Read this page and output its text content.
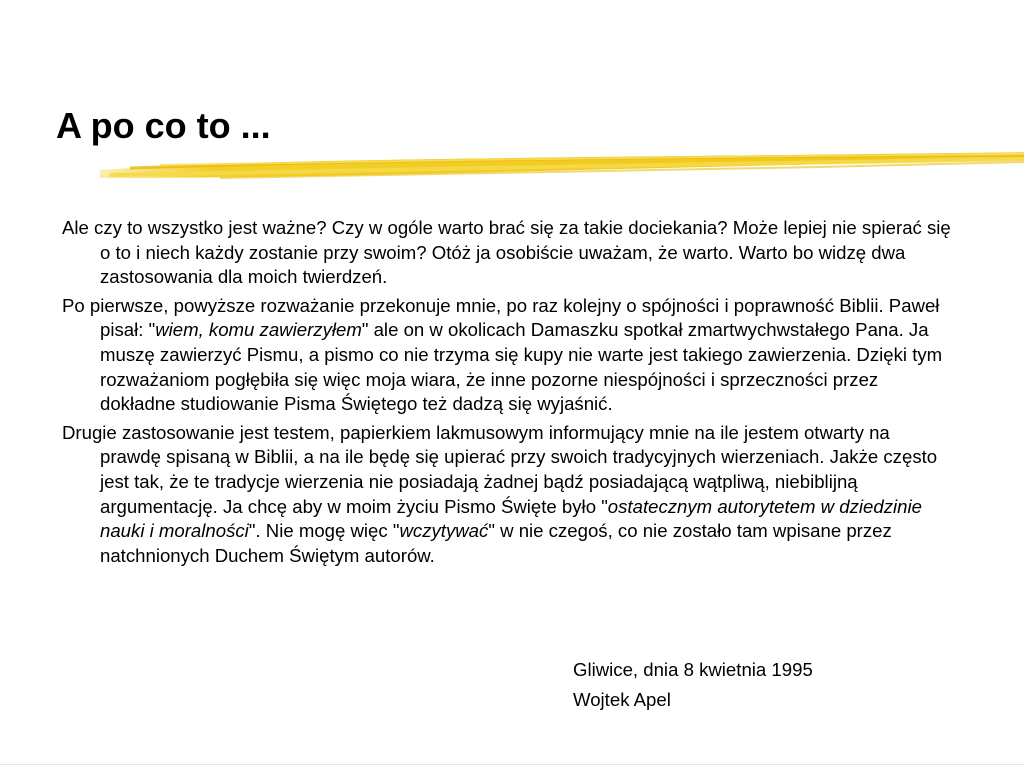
A po co to ...

Ale czy to wszystko jest ważne? Czy w ogóle warto brać się za takie dociekania? Może lepiej nie spierać się o to i niech każdy zostanie przy swoim? Otóż ja osobiście uważam, że warto. Warto bo widzę dwa zastosowania dla moich twierdzeń.

Po pierwsze, powyższe rozważanie przekonuje mnie, po raz kolejny o spójności i poprawność Biblii. Paweł pisał: "wiem, komu zawierzyłem" ale on w okolicach Damaszku spotkał zmartwychwstałego Pana. Ja muszę zawierzyć Pismu, a pismo co nie trzyma się kupy nie warte jest takiego zawierzenia. Dzięki tym rozważaniom pogłębiła się więc moja wiara, że inne pozorne niespójności i sprzeczności przez dokładne studiowanie Pisma Świętego też dadzą się wyjaśnić.

Drugie zastosowanie jest testem, papierkiem lakmusowym informujący mnie na ile jestem otwarty na prawdę spisaną w Biblii, a na ile będę się upierać przy swoich tradycyjnych wierzeniach. Jakże często jest tak, że te tradycje wierzenia nie posiadają żadnej bądź posiadającą wątpliwą, niebiblijną argumentację. Ja chcę aby w moim życiu Pismo Święte było "ostatecznym autorytetem w dziedzinie nauki i moralności". Nie mogę więc "wczytywać" w nie czegoś, co nie zostało tam wpisane przez natchnionych Duchem Świętym autorów.

Gliwice, dnia 8 kwietnia 1995
Wojtek Apel
